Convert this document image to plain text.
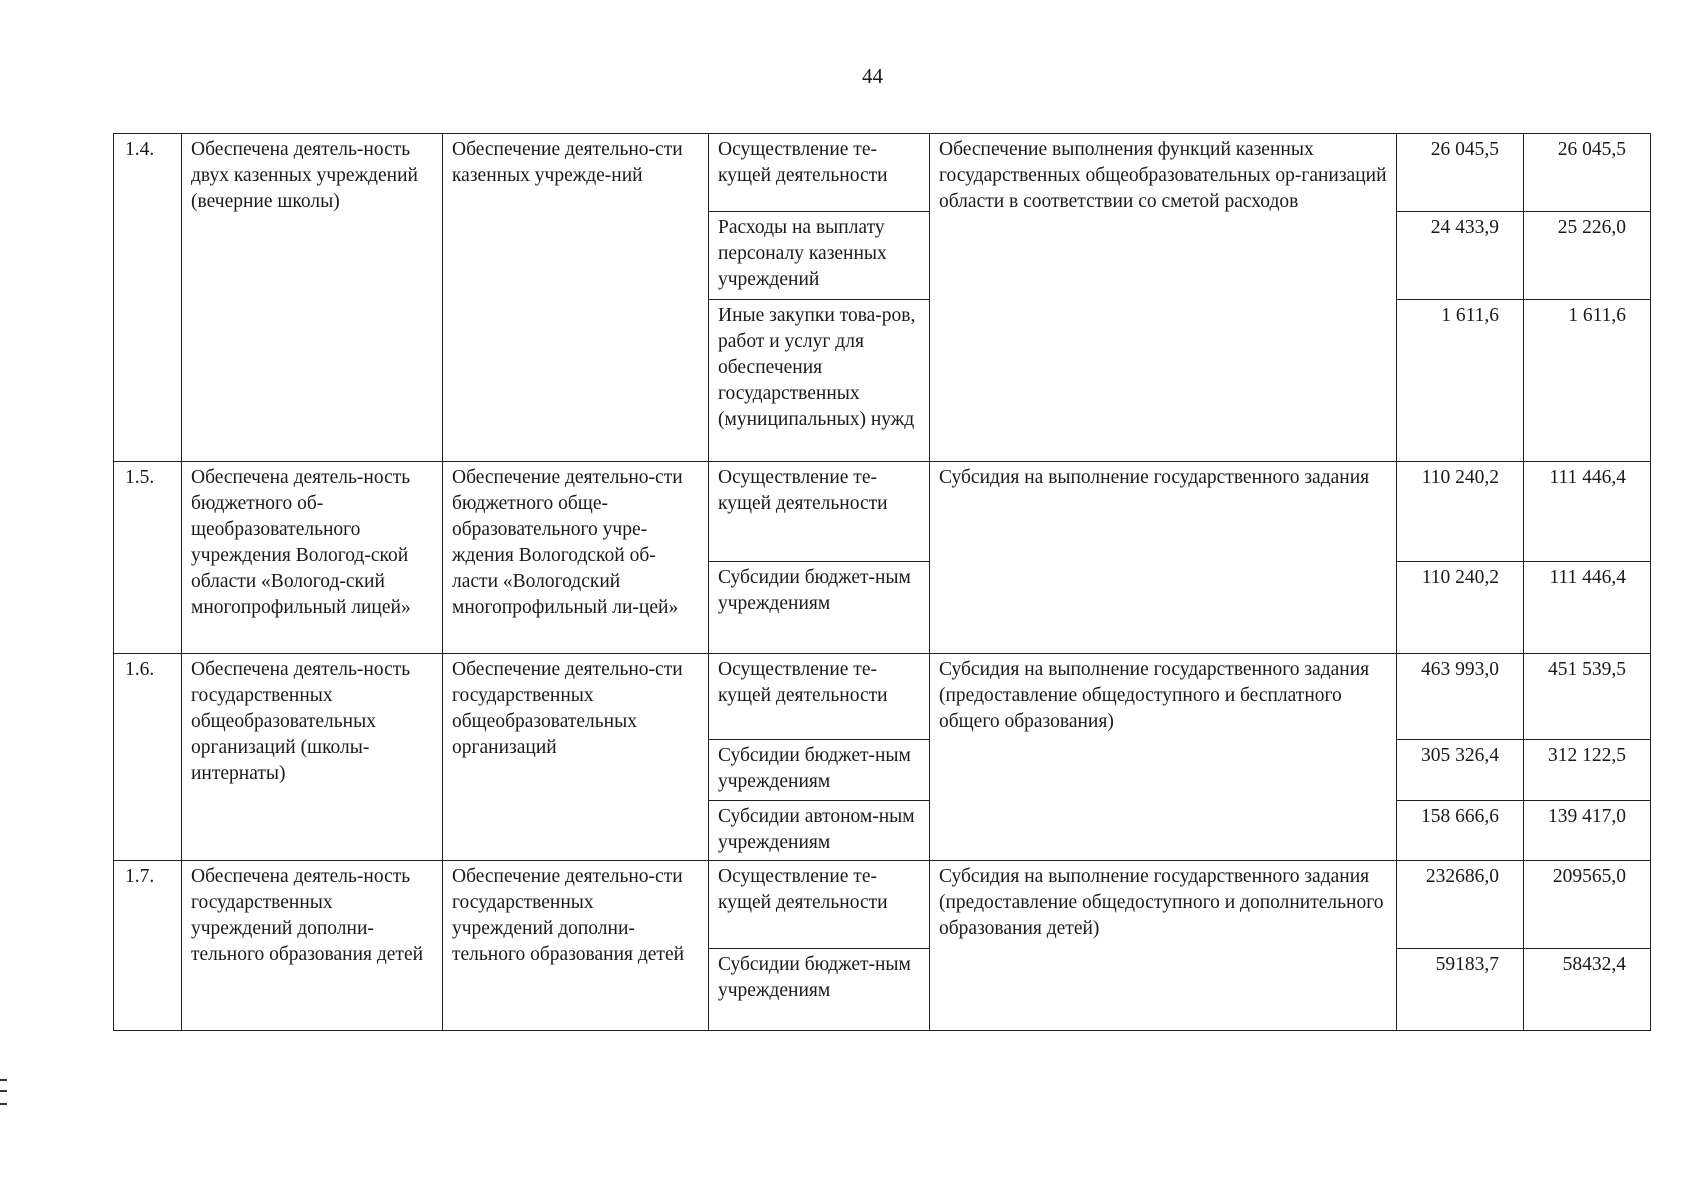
44
1.4.	Обеспечена деятель-ность двух казенных учреждений (вечерние школы)	Обеспечение деятельно-сти казенных учрежде-ний	Осуществление те-кущей деятельности	Обеспечение выполнения функций казенных государственных общеобразовательных ор-ганизаций области в соответствии со сметой расходов	26 045,5	26 045,5
			Расходы на выплату персоналу казенных учреждений		24 433,9	25 226,0
			Иные закупки това-ров, работ и услуг для обеспечения государственных (муниципальных) нужд		1 611,6	1 611,6
1.5.	Обеспечена деятель-ность бюджетного об-щеобразовательного учреждения Вологод-ской области «Вологод-ский многопрофильный лицей»	Обеспечение деятельно-сти бюджетного обще-образовательного учре-ждения Вологодской об-ласти «Вологодский многопрофильный ли-цей»	Осуществление те-кущей деятельности	Субсидия на выполнение государственного задания	110 240,2	111 446,4
			Субсидии бюджет-ным учреждениям		110 240,2	111 446,4
1.6.	Обеспечена деятель-ность государственных общеобразовательных организаций (школы-интернаты)	Обеспечение деятельно-сти государственных общеобразовательных организаций	Осуществление те-кущей деятельности	Субсидия на выполнение государственного задания (предоставление общедоступного и бесплатного общего образования)	463 993,0	451 539,5
			Субсидии бюджет-ным учреждениям		305 326,4	312 122,5
			Субсидии автоном-ным учреждениям		158 666,6	139 417,0
1.7.	Обеспечена деятель-ность государственных учреждений дополни-тельного образования детей	Обеспечение деятельно-сти государственных учреждений дополни-тельного образования детей	Осуществление те-кущей деятельности	Субсидия на выполнение государственного задания (предоставление общедоступного и дополнительного образования детей)	232686,0	209565,0
			Субсидии бюджет-ным учреждениям		59183,7	58432,4
